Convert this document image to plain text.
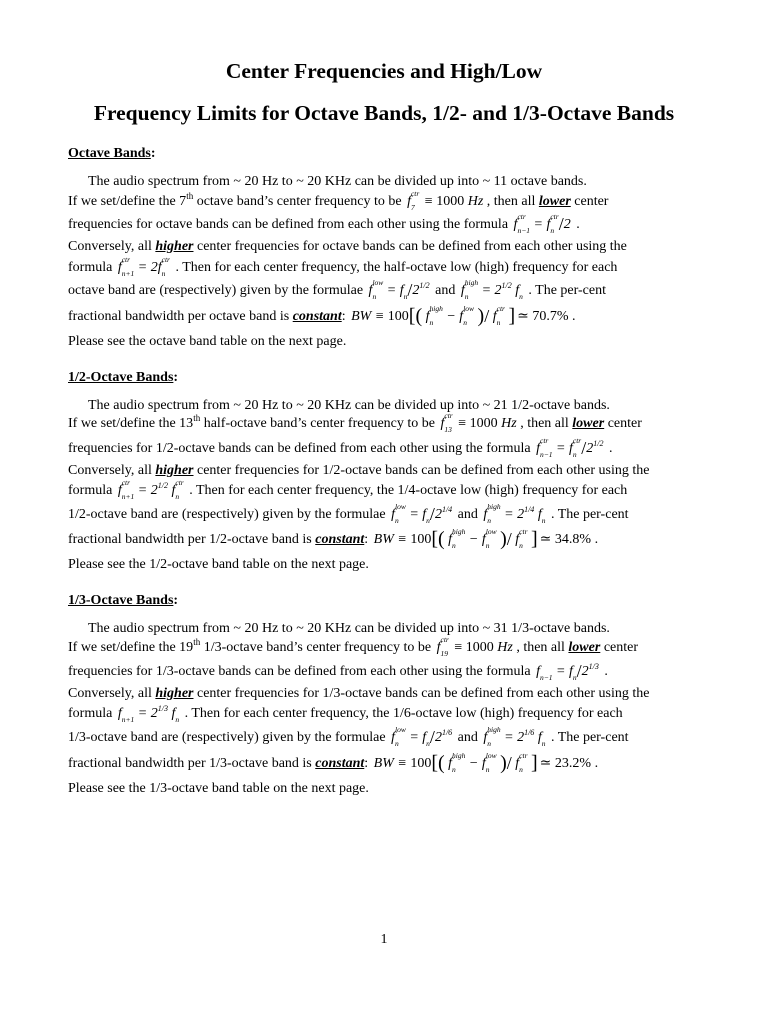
Center Frequencies and High/Low
Frequency Limits for Octave Bands, 1/2- and 1/3-Octave Bands
Octave Bands:
The audio spectrum from ~ 20 Hz to ~ 20 KHz can be divided up into ~ 11 octave bands.
If we set/define the 7th octave band’s center frequency to be f
ctr
7 ≡ 1000 Hz , then all lower center
frequencies for octave bands can be defined from each other using the formula f
ctr
n−1 = f
ctr
n /2 .
Conversely, all higher center frequencies for octave bands can be defined from each other using the
formula f
ctr
n+1 = 2f
ctr
n . Then for each center frequency, the half-octave low (high) frequency for each
octave band are (respectively) given by the formulae f
low
n = f
n $/2^{1/2}$ and f
high
$n = 2^{1/2}$ f
n . The per-cent
fractional bandwidth per octave band is constant: BW ≡ 100[( f
high
n − f
low
n )/ f
ctr
n ] ≃ 70.7% .
Please see the octave band table on the next page.
1/2-Octave Bands:
The audio spectrum from ~ 20 Hz to ~ 20 KHz can be divided up into ~ 21 1/2-octave bands.
If we set/define the 13th half-octave band’s center frequency to be f
ctr
13 ≡ 1000 Hz , then all lower center
frequencies for 1/2-octave bands can be defined from each other using the formula f
ctr
n−1 = f
ctr
n $/2^{1/2}$ .
Conversely, all higher center frequencies for 1/2-octave bands can be defined from each other using the
formula f
ctr
$n+1 = 2^{1/2}$ f
ctr
n . Then for each center frequency, the 1/4-octave low (high) frequency for each
1/2-octave band are (respectively) given by the formulae f
low
n = f
n $/2^{1/4}$ and f
high
$n = 2^{1/4}$ f
n . The per-cent
fractional bandwidth per 1/2-octave band is constant: BW ≡ 100[( f
high
n − f
low
n )/ f
ctr
n ] ≃ 34.8% .
Please see the 1/2-octave band table on the next page.
1/3-Octave Bands:
The audio spectrum from ~ 20 Hz to ~ 20 KHz can be divided up into ~ 31 1/3-octave bands.
If we set/define the 19th 1/3-octave band’s center frequency to be f
ctr
19 ≡ 1000 Hz , then all lower center
frequencies for 1/3-octave bands can be defined from each other using the formula f
n−1 = f
n $/2^{1/3}$ .
Conversely, all higher center frequencies for 1/3-octave bands can be defined from each other using the
formula f
$n+1 = 2^{1/3}$ f
n . Then for each center frequency, the 1/6-octave low (high) frequency for each
1/3-octave band are (respectively) given by the formulae f
low
n = f
n $/2^{1/6}$ and f
high
$n = 2^{1/6}$ f
n . The per-cent
fractional bandwidth per 1/3-octave band is constant: BW ≡ 100[( f
high
n − f
low
n )/ f
ctr
n ] ≃ 23.2% .
Please see the 1/3-octave band table on the next page.
1
